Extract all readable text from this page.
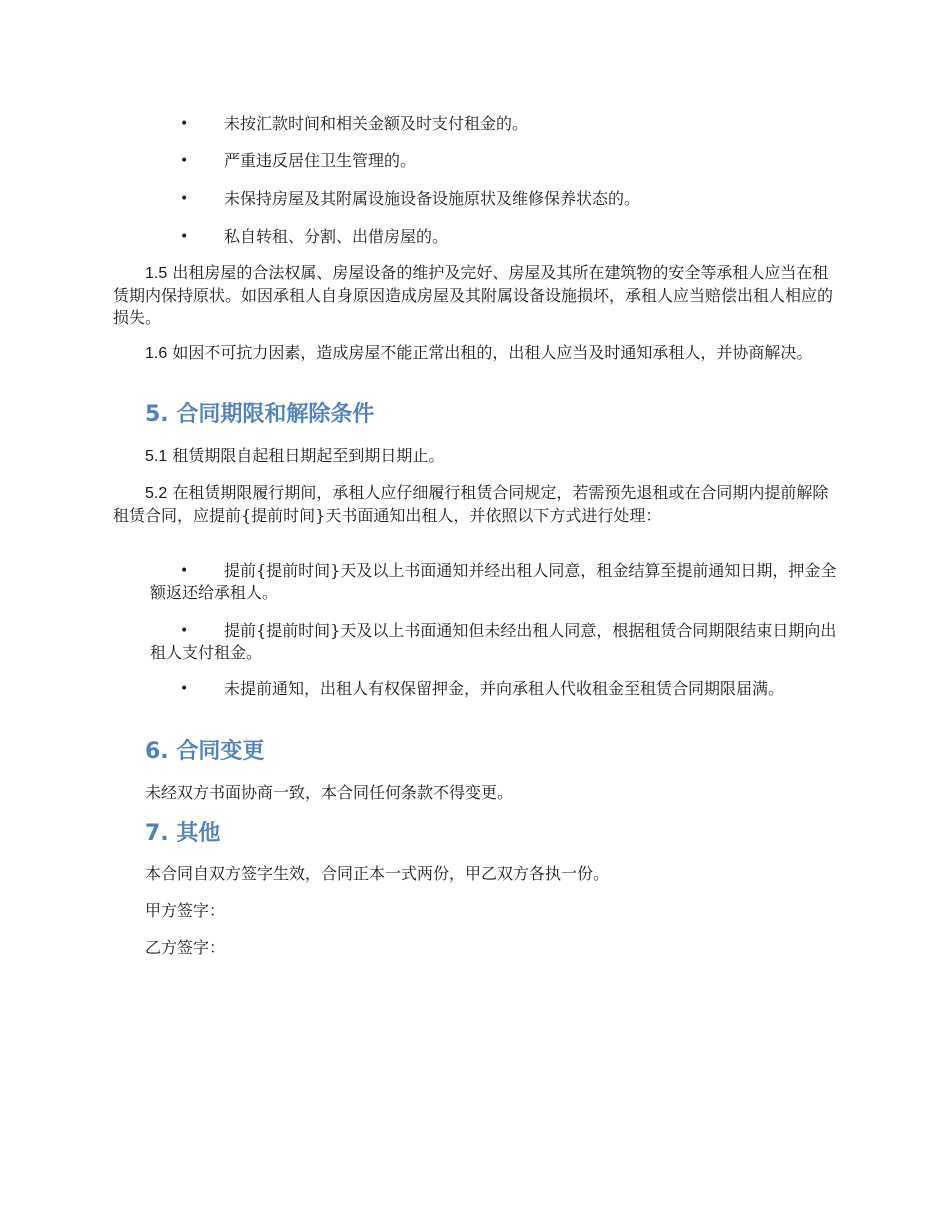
• 未按汇款时间和相关金额及时支付租金的。
• 严重违反居住卫生管理的。
• 未保持房屋及其附属设施设备设施原状及维修保养状态的。
• 私自转租、分割、出借房屋的。
1.5 出租房屋的合法权属、房屋设备的维护及完好、房屋及其所在建筑物的安全等承租人应当在租赁期内保持原状。如因承租人自身原因造成房屋及其附属设备设施损坏，承租人应当赔偿出租人相应的损失。
1.6 如因不可抗力因素，造成房屋不能正常出租的，出租人应当及时通知承租人，并协商解决。
5. 合同期限和解除条件
5.1 租赁期限自起租日期起至到期日期止。
5.2 在租赁期限履行期间，承租人应仔细履行租赁合同规定，若需预先退租或在合同期内提前解除租赁合同，应提前{提前时间}天书面通知出租人，并依照以下方式进行处理：
• 提前{提前时间}天及以上书面通知并经出租人同意，租金结算至提前通知日期，押金全额返还给承租人。
• 提前{提前时间}天及以上书面通知但未经出租人同意，根据租赁合同期限结束日期向出租人支付租金。
• 未提前通知，出租人有权保留押金，并向承租人代收租金至租赁合同期限届满。
6. 合同变更
未经双方书面协商一致，本合同任何条款不得变更。
7. 其他
本合同自双方签字生效，合同正本一式两份，甲乙双方各执一份。
甲方签字：
乙方签字：
